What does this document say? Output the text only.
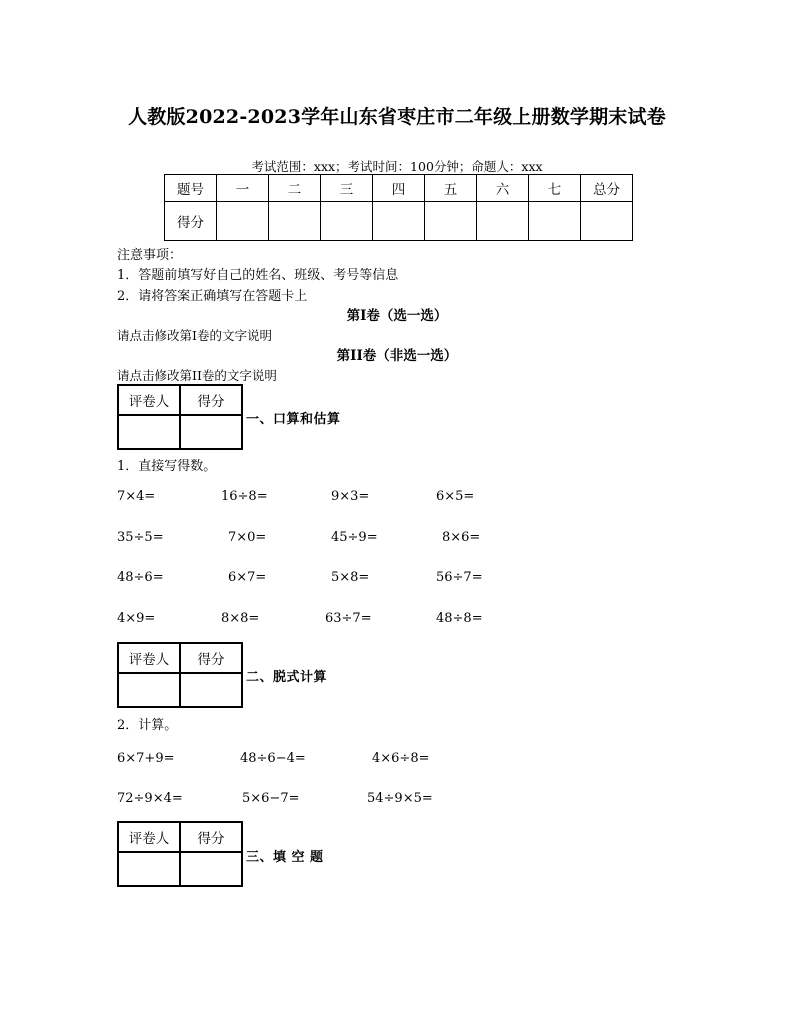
人教版2022-2023学年山东省枣庄市二年级上册数学期末试卷
考试范围：xxx；考试时间：100分钟；命题人：xxx
题号	一	二	三	四	五	六	七	总分
得分								
注意事项：
1．答题前填写好自己的姓名、班级、考号等信息
2．请将答案正确填写在答题卡上
第I卷（选一选）
请点击修改第I卷的文字说明
第II卷（非选一选）
请点击修改第II卷的文字说明
评卷人	得分

一、口算和估算
1．直接写得数。
7×4=	16÷8=	9×3=	6×5=
35÷5=	7×0=	45÷9=	8×6=
48÷6=	6×7=	5×8=	56÷7=
4×9=	8×8=	63÷7=	48÷8=
评卷人	得分

二、脱式计算
2．计算。
6×7+9=	48÷6−4=	4×6÷8=
72÷9×4=	5×6−7=	54÷9×5=
评卷人	得分

三、填 空 题
